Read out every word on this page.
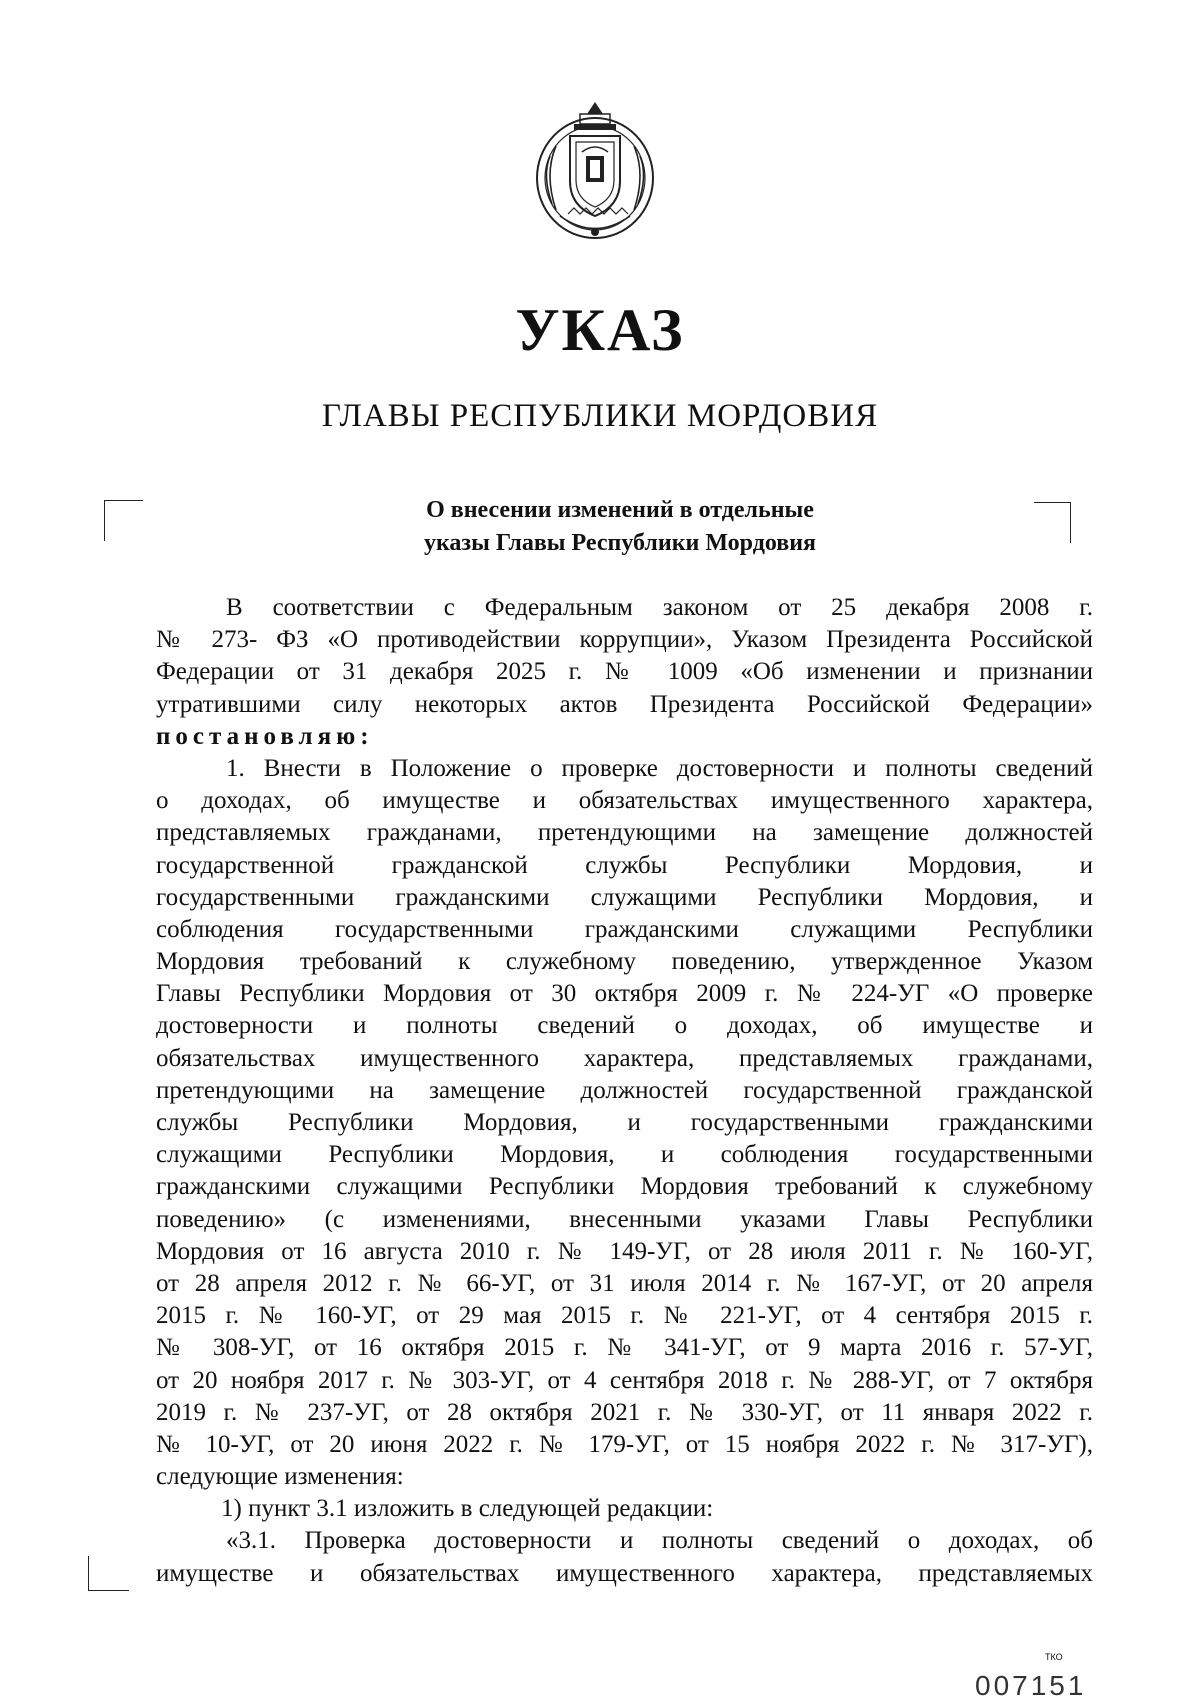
УКАЗ
ГЛАВЫ РЕСПУБЛИКИ МОРДОВИЯ
О внесении изменений в отдельные
указы Главы Республики Мордовия
В соответствии с Федеральным законом от 25 декабря 2008 г.
№ 273- ФЗ «О противодействии коррупции», Указом Президента Российской
Федерации от 31 декабря 2025 г. № 1009 «Об изменении и признании
утратившими силу некоторых актов Президента Российской Федерации»
постановляю:
1. Внести в Положение о проверке достоверности и полноты сведений
о доходах, об имуществе и обязательствах имущественного характера,
представляемых гражданами, претендующими на замещение должностей
государственной гражданской службы Республики Мордовия, и
государственными гражданскими служащими Республики Мордовия, и
соблюдения государственными гражданскими служащими Республики
Мордовия требований к служебному поведению, утвержденное Указом
Главы Республики Мордовия от 30 октября 2009 г. № 224-УГ «О проверке
достоверности и полноты сведений о доходах, об имуществе и
обязательствах имущественного характера, представляемых гражданами,
претендующими на замещение должностей государственной гражданской
службы Республики Мордовия, и государственными гражданскими
служащими Республики Мордовия, и соблюдения государственными
гражданскими служащими Республики Мордовия требований к служебному
поведению» (с изменениями, внесенными указами Главы Республики
Мордовия от 16 августа 2010 г. № 149-УГ, от 28 июля 2011 г. № 160-УГ,
от 28 апреля 2012 г. № 66-УГ, от 31 июля 2014 г. № 167-УГ, от 20 апреля
2015 г. № 160-УГ, от 29 мая 2015 г. № 221-УГ, от 4 сентября 2015 г.
№ 308-УГ, от 16 октября 2015 г. № 341-УГ, от 9 марта 2016 г. 57-УГ,
от 20 ноября 2017 г. № 303-УГ, от 4 сентября 2018 г. № 288-УГ, от 7 октября
2019 г. № 237-УГ, от 28 октября 2021 г. № 330-УГ, от 11 января 2022 г.
№ 10-УГ, от 20 июня 2022 г. № 179-УГ, от 15 ноября 2022 г. № 317-УГ),
следующие изменения:
1) пункт 3.1 изложить в следующей редакции:
«3.1. Проверка достоверности и полноты сведений о доходах, об
имуществе и обязательствах имущественного характера, представляемых
ТКО
007151
